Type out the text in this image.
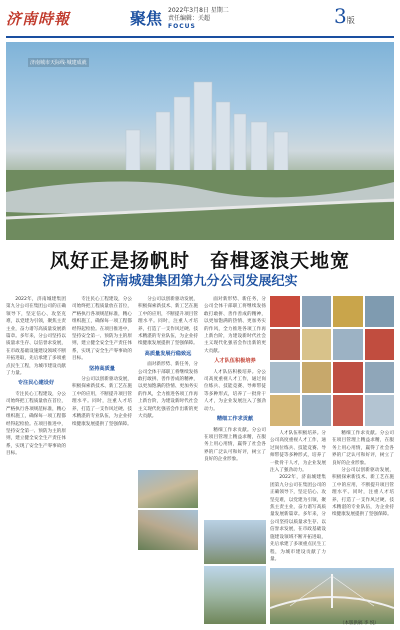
济南時報	聚焦
2022年3月8日 星期二
责任编辑：关超
FOCUS	3版
济南城市天际线·城建成就
风好正是扬帆时　奋楫逐浪天地宽
济南城建集团第九分公司发展纪实

2022年，济南城建集团第九分公司在集团公司的正确领导下，坚定信心、攻坚克难，以党建为引领，聚焦主责主业，奋力谱写高质量发展新篇章。多年来，分公司坚持以质量求生存、以信誉求发展，在市政基础设施建设领域不断开拓进取，先后承建了多项重点民生工程，为城市建设贡献了力量。

专注民心建设好

专注民心工程建设，分公司始终把工程质量放在首位，严格执行各项规范标准，精心组织施工，确保每一项工程都经得起检验。在项目推进中，坚持安全第一、预防为主的原则，建立健全安全生产责任体系，实现了安全生产零事故的目标。

专注民心工程建设，分公司始终把工程质量放在首位，严格执行各项规范标准，精心组织施工，确保每一项工程都经得起检验。在项目推进中，坚持安全第一、预防为主的原则，建立健全安全生产责任体系，实现了安全生产零事故的目标。

坚持高质量

分公司以创新驱动发展，积极探索新技术、新工艺在施工中的应用，不断提升项目管理水平。同时，注重人才培养，打造了一支作风过硬、技术精湛的专业队伍，为企业持续健康发展提供了坚强保障。

分公司以创新驱动发展，积极探索新技术、新工艺在施工中的应用，不断提升项目管理水平。同时，注重人才培养，打造了一支作风过硬、技术精湛的专业队伍，为企业持续健康发展提供了坚强保障。

高质量发展行稳致远

面对新形势、新任务，分公司全体干部职工将继续发扬敢打敢拼、善作善成的精神，以更加饱满的热情、更加务实的作风，全力推进各项工作再上新台阶，为建设新时代社会主义现代化强省会作出新的更大贡献。

面对新形势、新任务，分公司全体干部职工将继续发扬敢打敢拼、善作善成的精神，以更加饱满的热情、更加务实的作风，全力推进各项工作再上新台阶，为建设新时代社会主义现代化强省会作出新的更大贡献。

人才队伍积极培养

人才队伍积极培养。分公司高度重视人才工作，通过岗位练兵、技能竞赛、导师带徒等多种形式，培养了一批骨干人才，为企业发展注入了强劲动力。

精细工作求贡献

精细工作求贡献。分公司在项目管理上精益求精，在服务上用心用情，赢得了社会各界的广泛认可和好评，树立了良好的企业形象。

人才队伍积极培养。分公司高度重视人才工作，通过岗位练兵、技能竞赛、导师带徒等多种形式，培养了一批骨干人才，为企业发展注入了强劲动力。

2022年，济南城建集团第九分公司在集团公司的正确领导下，坚定信心、攻坚克难，以党建为引领，聚焦主责主业，奋力谱写高质量发展新篇章。多年来，分公司坚持以质量求生存、以信誉求发展，在市政基础设施建设领域不断开拓进取，先后承建了多项重点民生工程，为城市建设贡献了力量。

精细工作求贡献。分公司在项目管理上精益求精，在服务上用心用情，赢得了社会各界的广泛认可和好评，树立了良好的企业形象。

分公司以创新驱动发展，积极探索新技术、新工艺在施工中的应用，不断提升项目管理水平。同时，注重人才培养，打造了一支作风过硬、技术精湛的专业队伍，为企业持续健康发展提供了坚强保障。

（本版供稿 李 悦）
